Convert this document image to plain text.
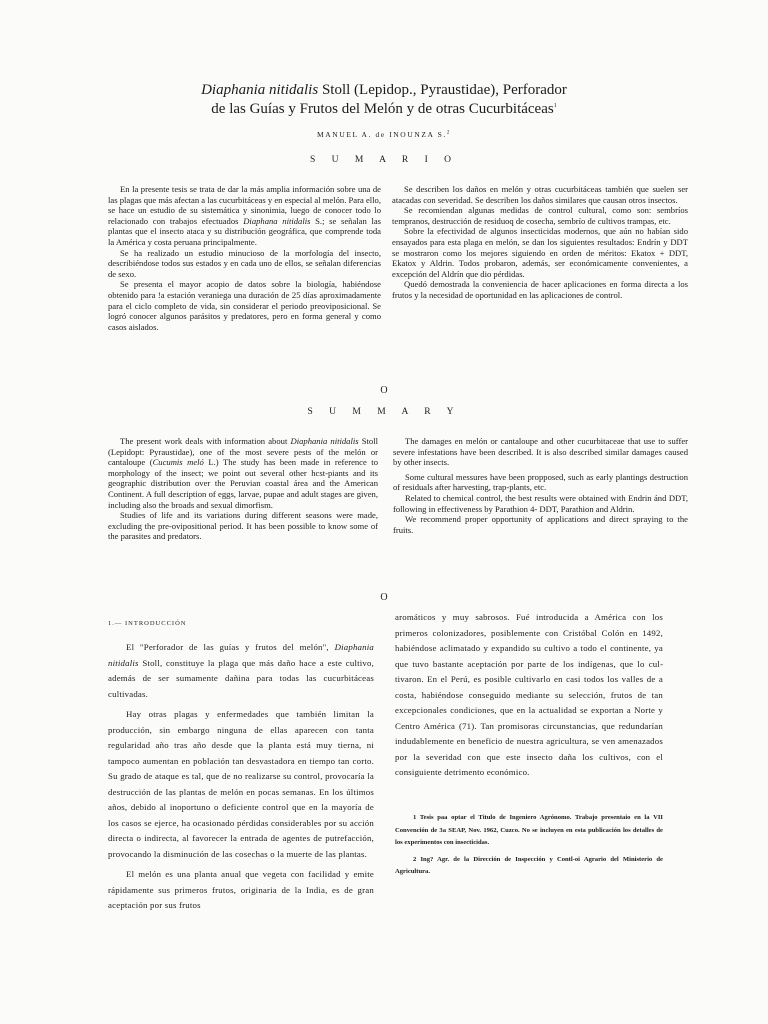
Diaphania nitidalis Stoll (Lepidop., Pyraustidae), Perforador
de las Guías y Frutos del Melón y de otras Cucurbitáceas$^1$
MANUEL A. de INOUNZA S.$^2$
S U M A R I O

En la presente tesis se trata de dar la más amplia información sobre una de las plagas que más afectan a las cucurbitáceas y en especial al melón. Para ello, se hace un estudio de su sistemática y sinonimia, luego de conocer todo lo relacionado con trabajos efectuados Diaphana nitidalis S.; se señalan las plantas que el insecto ataca y su distribución geográfica, que comprende toda la América y costa peruana principalmente.

Se ha realizado un estudio minucioso de la morfología del insecto, describiéndose todos sus estados y en cada uno de ellos, se señalan diferencias de sexo.

Se presenta el mayor acopio de datos sobre la biología, habiéndose obtenido para !a estación veraniega una duración de 25 días aproximadamente para el ciclo completo de vida, sin considerar el periodo preoviposicional. Se logró conocer algunos parásitos y predatores, pero en forma general y como casos aislados.

Se describen los daños en melón y otras cucurbitáceas también que suelen ser atacadas con severidad. Se describen los daños similares que causan otros insectos.

Se recomiendan algunas medidas de control cultural, como son: sembríos tempranos, destrucción de residuoq de cosecha, sembrío de cultivos trampas, etc.

Sobre la efectividad de algunos insecticidas modernos, que aún no habían sido ensayados para esta plaga en melón, se dan los siguientes resultados: Endrín y DDT se mostraron como los mejores siguiendo en orden de méritos: Ekatox + DDT, Ekatox y Aldrin. Todos probaron, además, ser económicamente convenientes, a excepción del Aldrín que dio pérdidas.

Quedó demostrada la conveniencia de hacer aplicaciones en forma directa a los frutos y la necesidad de oportunidad en las aplicaciones de control.

O
S U M M A R Y

The present work deals with information about Diaphania nitidalis Stoll (Lepidopt: Pyraustidae), one of the most severe pests of the melón or cantaloupe (Cucumis meló L.) The study has been made in reference to morphology of the insect; we point out several other hcst-piants and its geographic distribution over the Peruvian coastal área and the American Continent. A full description of eggs, larvae, pupae and adult stages are given, including also the broads and sexual dimorfism.

Studies of life and its variations during different seasons were made, excluding the pre-ovipositional period. It has been possible to know some of the parasites and predators.

The damages en melón or cantaloupe and other cucurbitaceae that use to suffer severe infestations have been described. It is also described similar damages caused by other insects.

Some cultural messures have been propposed, such as early plantings destruction of residuals after harvesting, trap-plants, etc.

Related to chemical control, the best results were obtained with Endrin ánd DDT, following in effectiveness by Parathion 4- DDT, Parathion and Aldrin.

We recommend proper opportunity of applications and direct spraying to the fruits.

O
1.— INTRODUCCIÓN

El "Perforador de las guías y frutos del melón", Diaphania nitidalis Stoll, constituye la plaga que más daño hace a este cultivo, además de ser sumamente dañina para todas las cucurbitáceas cultivadas.

Hay otras plagas y enfermedades que también limitan la producción, sin embargo ninguna de ellas aparecen con tanta regularidad año tras año desde que la planta está muy tierna, ni tampoco aumentan en población tan desvastadora en tiempo tan corto. Su grado de ataque es tal, que de no realizarse su control, provocaría la destrucción de las plantas de melón en pocas semanas. En los últimos años, debido al inoportuno o deficiente control que en la mayoría de los casos se ejerce, ha ocasionado pérdidas considerables por su acción directa o indirecta, al favorecer la entrada de agentes de putrefacción, provocando la disminución de las cosechas o la muerte de las plantas.

El melón es una planta anual que vegeta con facilidad y emite rápidamente sus primeros frutos, originaria de la India, es de gran aceptación por sus frutos

aromáticos y muy sabrosos. Fué introducida a América con los primeros colonizadores, posiblemente con Cristóbal Colón en 1492, habiéndose aclimatado y expandido su cultivo a todo el continente, ya que tuvo bastante aceptación por parte de los indígenas, que lo cultivaron. En el Perú, es posible cultivarlo en casi todos los valles de a costa, habiéndose conseguido mediante su selección, frutos de tan excepcionales condiciones, que en la actualidad se exportan a Norte y Centro América (71). Tan promisoras circunstancias, que redundarían indudablemente en beneficio de nuestra agricultura, se ven amenazados por la severidad con que este insecto daña los cultivos, con el consiguiente detrimento económico.

1 Tesis paa optar el Titulo de Ingeniero Agrónomo. Trabajo presentaio en la VII Convención de 3a SEAP, Nov. 1962, Cuzco. No se incluyen en esta publicación los detalles de los experimentos con insecticidas.

2 Ing? Agr. de la Dirección de Inspección y Contl-oi Agrario del Ministerio de Agricultura.
